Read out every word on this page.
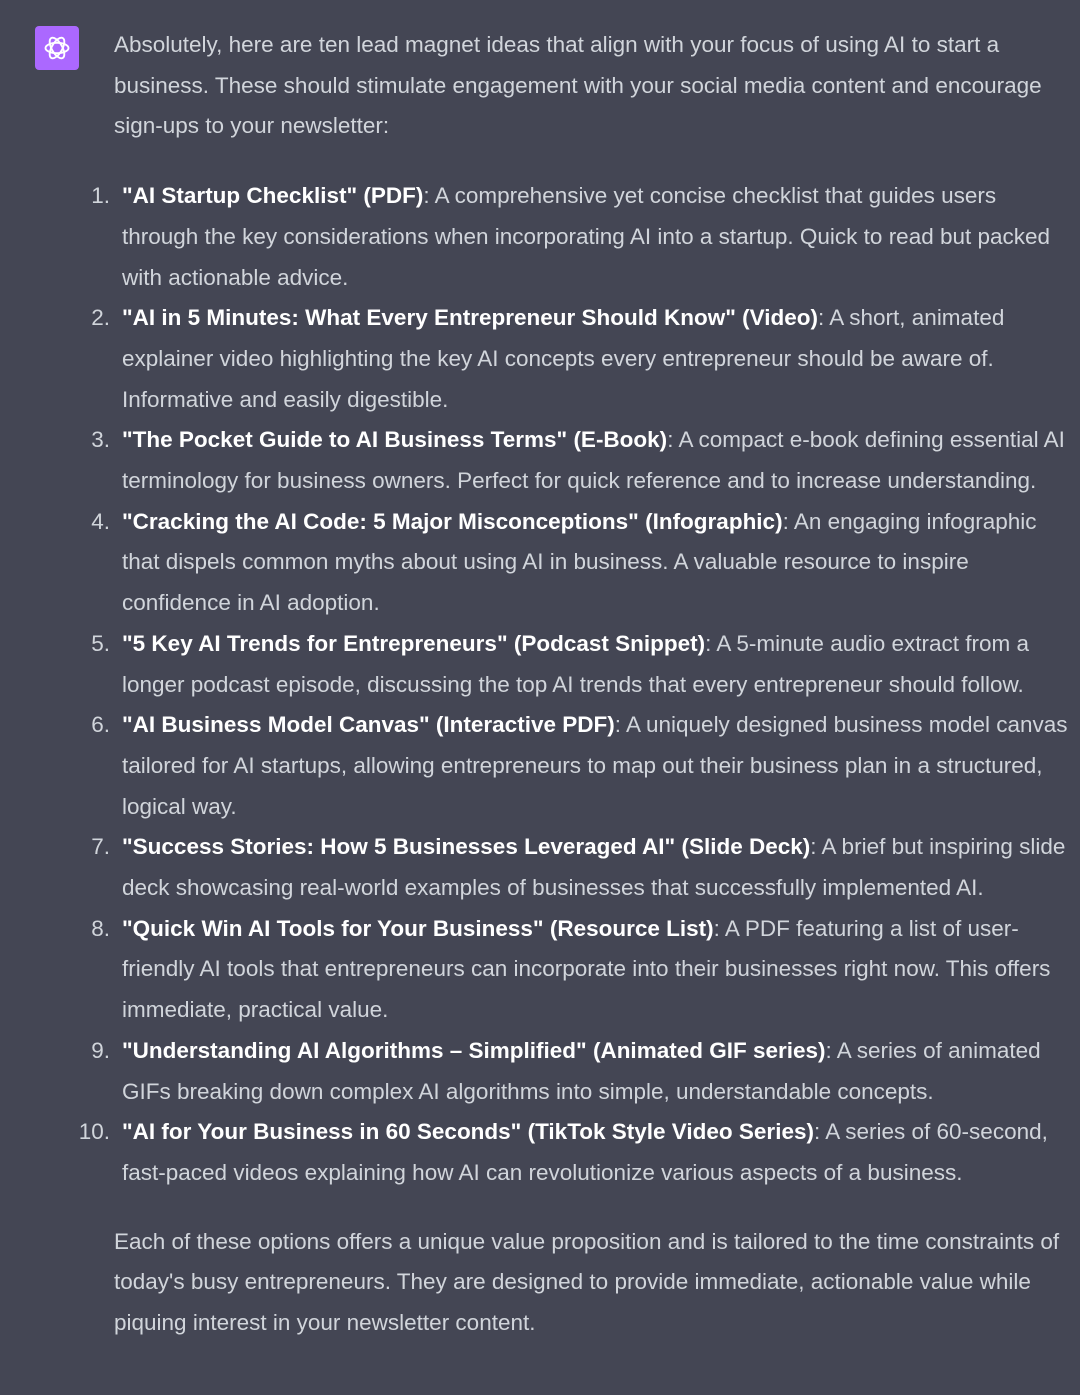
Absolutely, here are ten lead magnet ideas that align with your focus of using AI to start a business. These should stimulate engagement with your social media content and encourage sign-ups to your newsletter:

1. "AI Startup Checklist" (PDF): A comprehensive yet concise checklist that guides users through the key considerations when incorporating AI into a startup. Quick to read but packed with actionable advice.
2. "AI in 5 Minutes: What Every Entrepreneur Should Know" (Video): A short, animated explainer video highlighting the key AI concepts every entrepreneur should be aware of. Informative and easily digestible.
3. "The Pocket Guide to AI Business Terms" (E-Book): A compact e-book defining essential AI terminology for business owners. Perfect for quick reference and to increase understanding.
4. "Cracking the AI Code: 5 Major Misconceptions" (Infographic): An engaging infographic that dispels common myths about using AI in business. A valuable resource to inspire confidence in AI adoption.
5. "5 Key AI Trends for Entrepreneurs" (Podcast Snippet): A 5-minute audio extract from a longer podcast episode, discussing the top AI trends that every entrepreneur should follow.
6. "AI Business Model Canvas" (Interactive PDF): A uniquely designed business model canvas tailored for AI startups, allowing entrepreneurs to map out their business plan in a structured, logical way.
7. "Success Stories: How 5 Businesses Leveraged AI" (Slide Deck): A brief but inspiring slide deck showcasing real-world examples of businesses that successfully implemented AI.
8. "Quick Win AI Tools for Your Business" (Resource List): A PDF featuring a list of user-friendly AI tools that entrepreneurs can incorporate into their businesses right now. This offers immediate, practical value.
9. "Understanding AI Algorithms – Simplified" (Animated GIF series): A series of animated GIFs breaking down complex AI algorithms into simple, understandable concepts.
10. "AI for Your Business in 60 Seconds" (TikTok Style Video Series): A series of 60-second, fast-paced videos explaining how AI can revolutionize various aspects of a business.

Each of these options offers a unique value proposition and is tailored to the time constraints of today's busy entrepreneurs. They are designed to provide immediate, actionable value while piquing interest in your newsletter content.
